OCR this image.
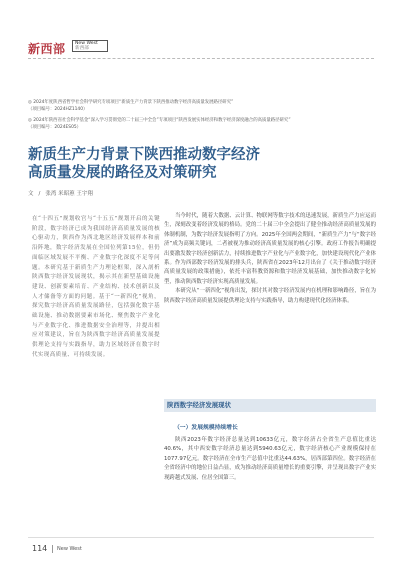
新西部 New West
新西部
◎ 2024年度陕西省哲学社会科学研究专项项目“新质生产力背景下陕西推动数字经济高质量发展路径研究”
（项目编号：2024HZ1140）
◎ 2024年陕西省社会科学基金“深入学习贯彻党的二十届三中全会”专项项目“陕西发展实体经济和数字经济深度融合的高质量路径研究”
（项目编号：2024ES05）
新质生产力背景下陕西推动数字经济
高质量发展的路径及对策研究
文 / 张湾 米昭蕙 王宇翔
在“十四五”规划收官与“十五五”规划开启的关键阶段，数字经济已成为我国经济高质量发展的核心驱动力，陕西作为西北地区经济发展样本和前沿阵地，数字经济发展在全国位列第15位，但仍面临区域发展不平衡、产业数字化深度不足等问题。本研究基于新质生产力理论框架，深入剖析陕西数字经济发展现状，揭示其在新型基础设施建设、创新要素培育、产业结构、技术创新以及人才储备等方面的问题。基于“一新四化”视角，探究数字经济高质量发展路径，包括强化数字基础设施、推动数据要素市场化、聚焦数字产业化与产业数字化、推进数据安全治理等，并提出相应对策建议，旨在为陕西数字经济高质量发展提供理论支持与实践指导，助力区域经济在数字时代实现高质量、可持续发展。

当今时代，随着大数据、云计算、物联网等数字技术的迅速发展，新质生产力应运而生，深刻改变着经济发展的格局。党的二十届三中全会提出了健全推动经济高质量发展的体制机制，为数字经济发展指明了方向。2025年全国两会期间，“新质生产力”与“数字经济”成为高频关键词，二者被视为推动经济高质量发展的核心引擎。政府工作报告明确提出要激发数字经济创新活力，持续推进数字产业化与产业数字化，加快建设现代化产业体系。作为西部数字经济发展的排头兵，陕西省在2023年12月出台了《关于推动数字经济高质量发展的政策措施》，依托丰富科教资源和数字经济发展基础，加快推动数字化转型，推动陕西数字经济实现高质量发展。

本研究从“一新四化”视角出发，探讨其对数字经济发展内在机理和影响路径，旨在为陕西数字经济高质量发展提供理论支持与实践指导，助力构建现代化经济体系。

陕西数字经济发展现状
（一）发展规模持续增长

陕西2023年数字经济总量达到10633亿元，数字经济占全省生产总值比重达40.6%，其中西安数字经济总量达到5940.63亿元，数字经济核心产业规模保持在1077.97亿元。数字经济在全市生产总值中比重达44.63%，居西部第四位。数字经济在全省经济中的地位日益凸显，成为推动经济高质量增长的重要引擎，并呈现出数字产业实现跨越式发展、位居全国第三。

114 New West
